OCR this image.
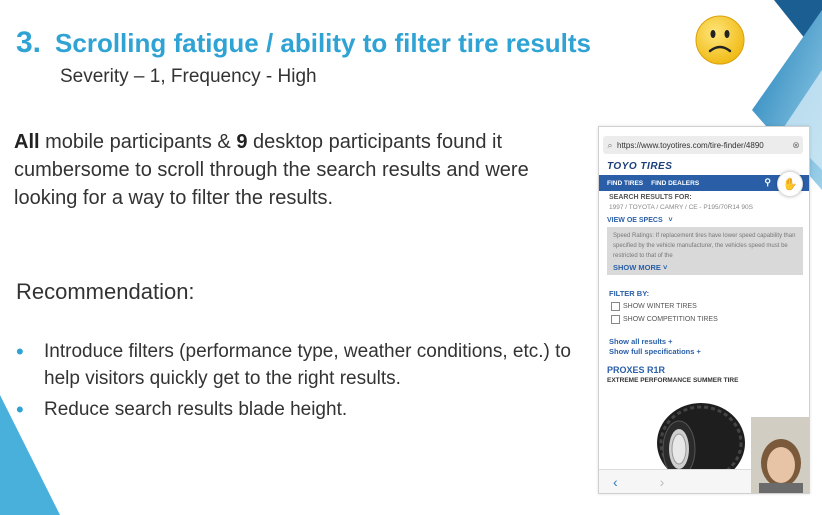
3. Scrolling fatigue / ability to filter tire results
Severity – 1, Frequency - High
All mobile participants & 9 desktop participants found it cumbersome to scroll through the search results and were looking for a way to filter the results.
Recommendation:
•	Introduce filters (performance type, weather conditions, etc.) to help visitors quickly get to the right results.
•	Reduce search results blade height.
⌕ https://www.toyotires.com/tire-finder/4890	⊗
TOYO TIRES
FIND TIRES FIND DEALERS	⚲ ✋
SEARCH RESULTS FOR:
1997 / TOYOTA / CAMRY / CE - P195/70R14 90S
VIEW OE SPECS   ˅
Speed Ratings: If replacement tires have lower speed capability than specified by the vehicle manufacturer, the vehicles speed must be restricted to that of the
SHOW MORE ˅
FILTER BY:
SHOW WINTER TIRES
SHOW COMPETITION TIRES
Show all results +
Show full specifications +
PROXES R1R
EXTREME PERFORMANCE SUMMER TIRE
‹	›
